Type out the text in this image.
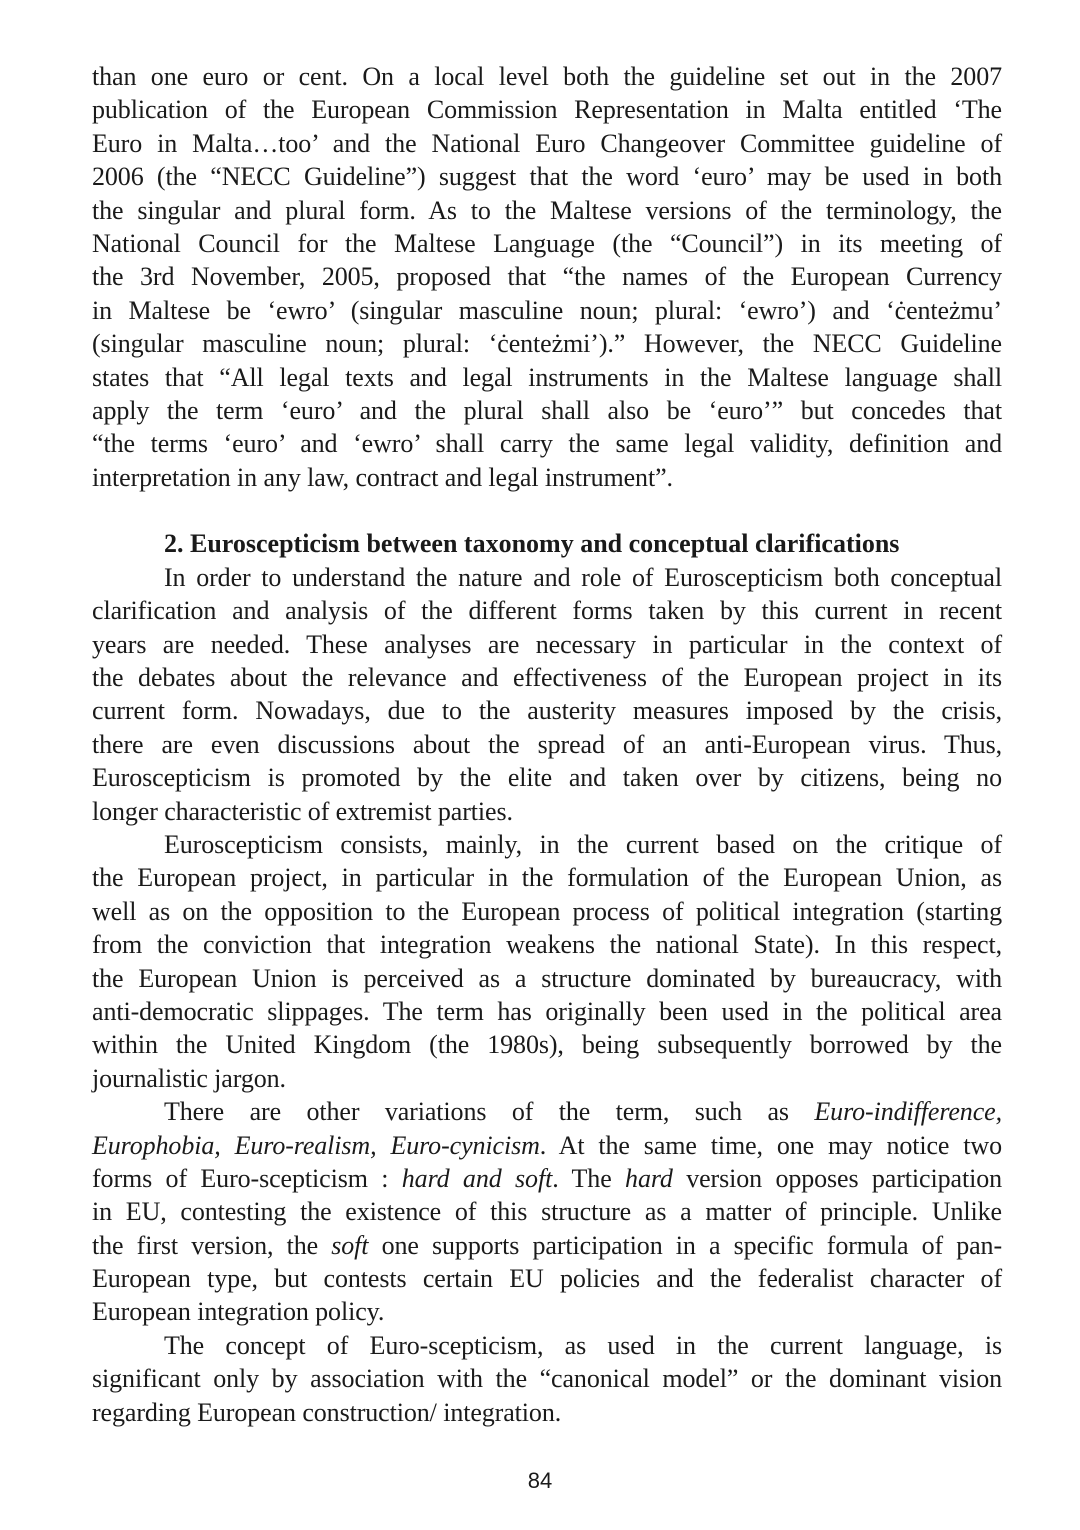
than one euro or cent. On a local level both the guideline set out in the 2007
publication of the European Commission Representation in Malta entitled ‘The
Euro in Malta…too’ and the National Euro Changeover Committee guideline of
2006 (the “NECC Guideline”) suggest that the word ‘euro’ may be used in both
the singular and plural form. As to the Maltese versions of the terminology, the
National Council for the Maltese Language (the “Council”) in its meeting of
the 3rd November, 2005, proposed that “the names of the European Currency
in Maltese be ‘ewro’ (singular masculine noun; plural: ‘ewro’) and ‘ċenteżmu’
(singular masculine noun; plural: ‘ċenteżmi’).” However, the NECC Guideline
states that “All legal texts and legal instruments in the Maltese language shall
apply the term ‘euro’ and the plural shall also be ‘euro’” but concedes that
“the terms ‘euro’ and ‘ewro’ shall carry the same legal validity, definition and
interpretation in any law, contract and legal instrument”.
2. Euroscepticism between taxonomy and conceptual clarifications
In order to understand the nature and role of Euroscepticism both conceptual
clarification and analysis of the different forms taken by this current in recent
years are needed. These analyses are necessary in particular in the context of
the debates about the relevance and effectiveness of the European project in its
current form. Nowadays, due to the austerity measures imposed by the crisis,
there are even discussions about the spread of an anti-European virus. Thus,
Euroscepticism is promoted by the elite and taken over by citizens, being no
longer characteristic of extremist parties.
Euroscepticism consists, mainly, in the current based on the critique of
the European project, in particular in the formulation of the European Union, as
well as on the opposition to the European process of political integration (starting
from the conviction that integration weakens the national State). In this respect,
the European Union is perceived as a structure dominated by bureaucracy, with
anti-democratic slippages. The term has originally been used in the political area
within the United Kingdom (the 1980s), being subsequently borrowed by the
journalistic jargon.
There are other variations of the term, such as Euro-indifference,
Europhobia, Euro-realism, Euro-cynicism. At the same time, one may notice two
forms of Euro-scepticism : hard and soft. The hard version opposes participation
in EU, contesting the existence of this structure as a matter of principle. Unlike
the first version, the soft one supports participation in a specific formula of pan-
European type, but contests certain EU policies and the federalist character of
European integration policy.
The concept of Euro-scepticism, as used in the current language, is
significant only by association with the “canonical model” or the dominant vision
regarding European construction/ integration.
84
